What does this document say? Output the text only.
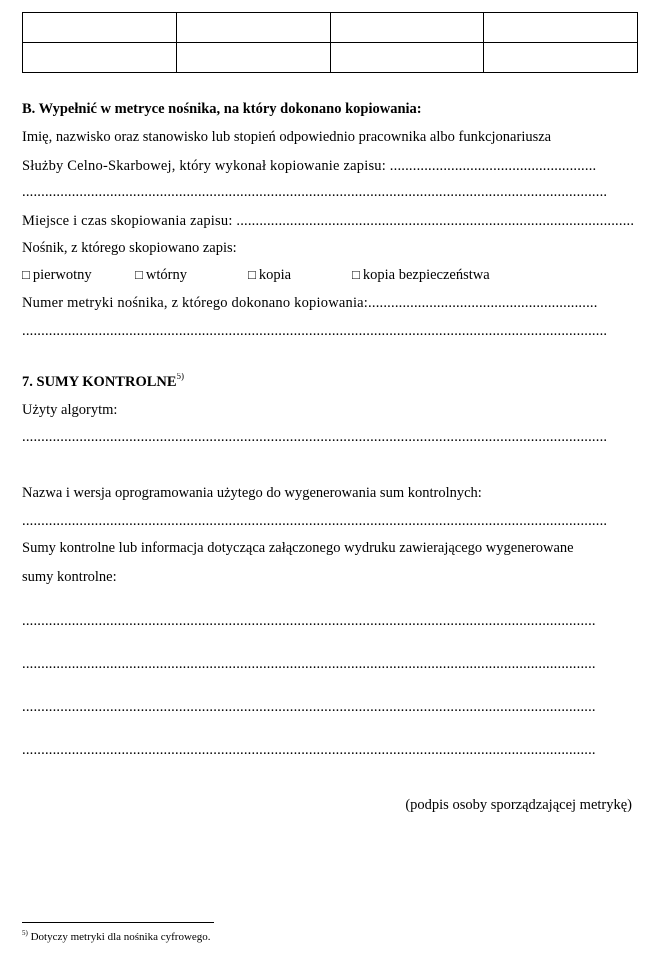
B. Wypełnić w metryce nośnika, na który dokonano kopiowania:
Imię, nazwisko oraz stanowisko lub stopień odpowiednio pracownika albo funkcjonariusza
Służby Celno-Skarbowej, który wykonał kopiowanie zapisu: ......................................................
.........................................................................................................................................................
Miejsce i czas skopiowania zapisu: ........................................................................................................
Nośnik, z którego skopiowano zapis:
□ pierwotny	□ wtórny	□ kopia	□ kopia bezpieczeństwa
Numer metryki nośnika, z którego dokonano kopiowania:............................................................
.........................................................................................................................................................
7. SUMY KONTROLNE$^{5)}$
Użyty algorytm:
.........................................................................................................................................................
Nazwa i wersja oprogramowania użytego do wygenerowania sum kontrolnych:
.........................................................................................................................................................
Sumy kontrolne lub informacja dotycząca załączonego wydruku zawierającego wygenerowane
sumy kontrolne:
......................................................................................................................................................
......................................................................................................................................................
......................................................................................................................................................
......................................................................................................................................................
(podpis osoby sporządzającej metrykę)
$^{5)}$ Dotyczy metryki dla nośnika cyfrowego.
